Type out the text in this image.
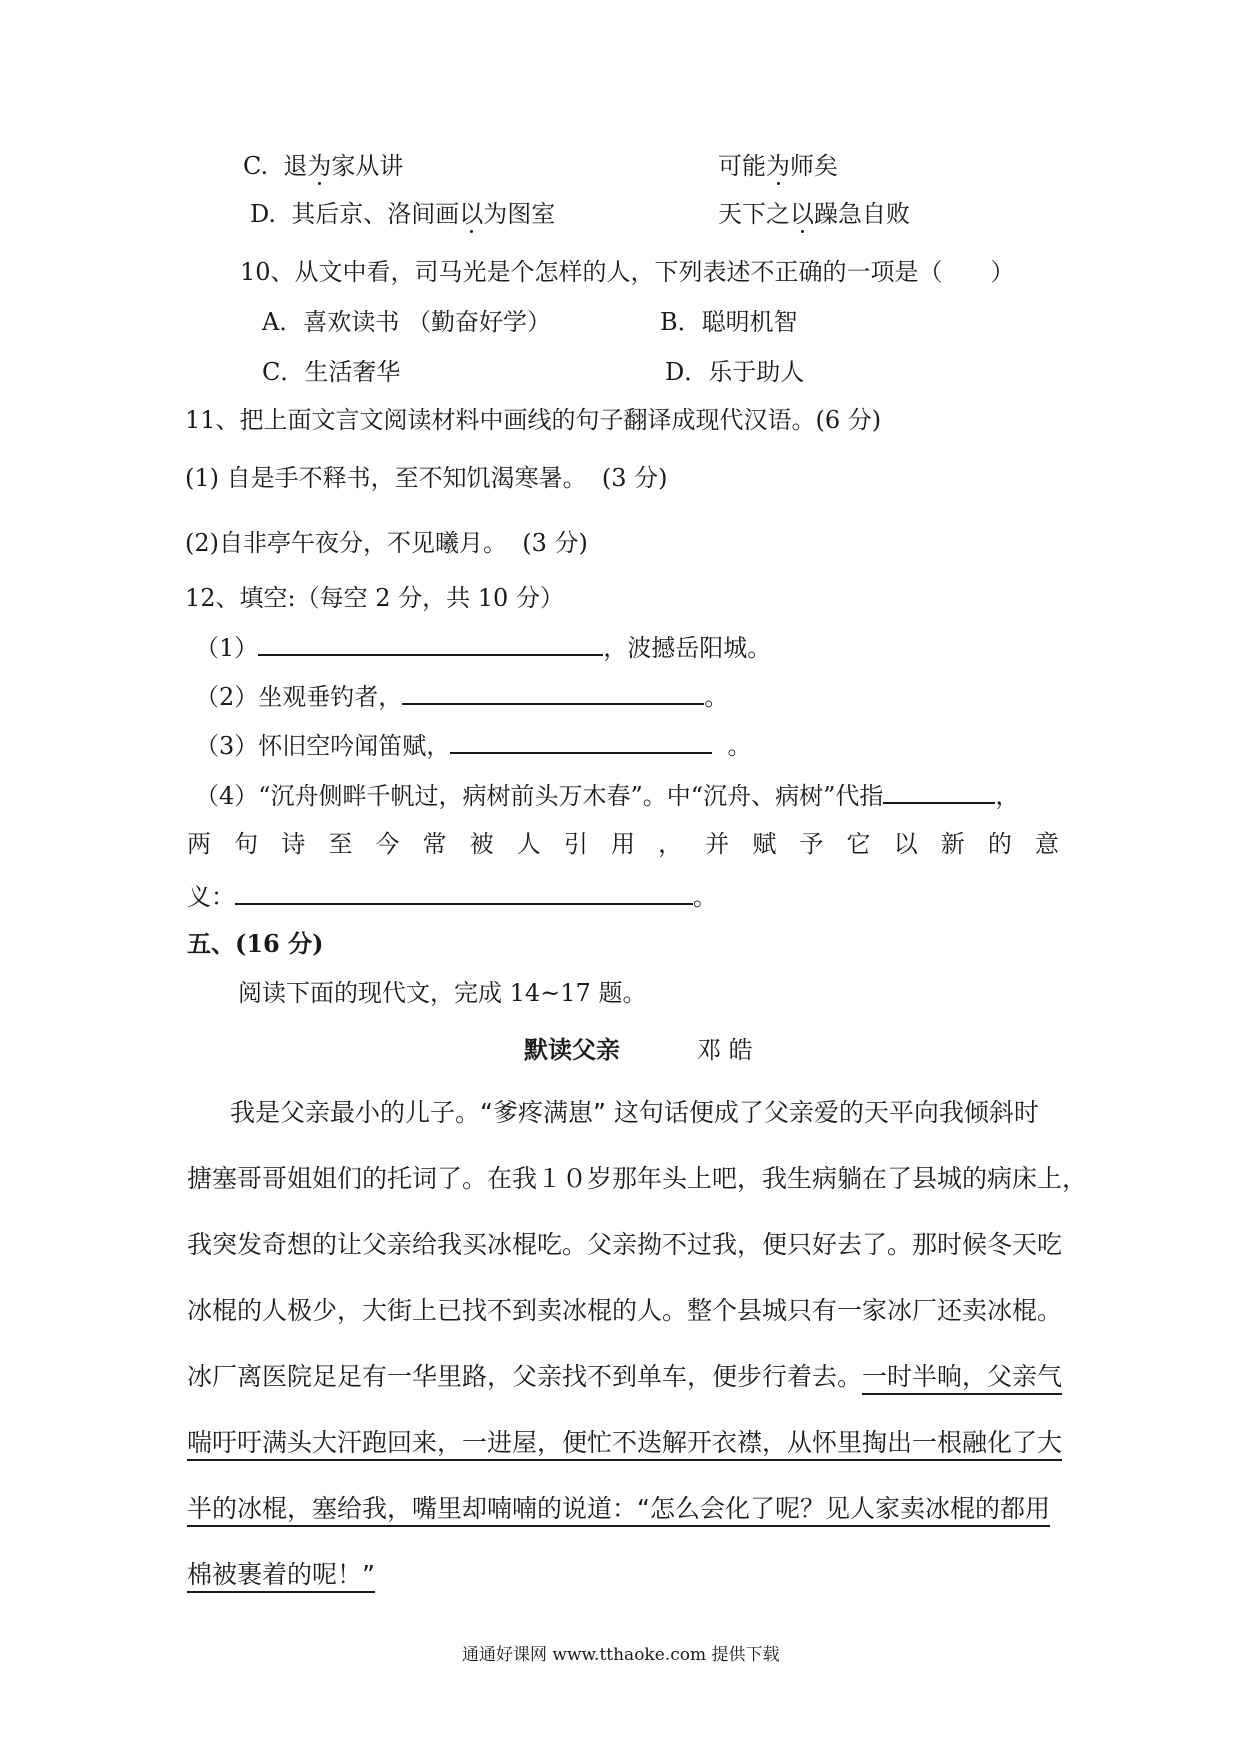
C. 退为家从讲	可能为师矣
D. 其后京、洛间画以为图室	天下之以躁急自败
10、从文中看，司马光是个怎样的人，下列表述不正确的一项是（　　）
A．喜欢读书 （勤奋好学）	B．聪明机智
C．生活奢华	D．乐于助人
11、把上面文言文阅读材料中画线的句子翻译成现代汉语。(6 分)
(1) 自是手不释书，至不知饥渴寒暑。 (3 分)
(2)自非亭午夜分，不见曦月。 (3 分)
12、填空:（每空 2 分，共 10 分）
（1）	，波撼岳阳城。
（2）坐观垂钓者，	。
（3）怀旧空吟闻笛赋，	。
（4）“沉舟侧畔千帆过，病树前头万木春”。中“沉舟、病树”代指	，
两 句 诗 至 今 常 被 人 引 用 ， 并 赋 予 它 以 新 的 意
义：	。
五、(16 分)
阅读下面的现代文，完成 14~17 题。
默读父亲	邓 皓
我是父亲最小的儿子。“爹疼满崽” 这句话便成了父亲爱的天平向我倾斜时
搪塞哥哥姐姐们的托词了。在我１０岁那年头上吧，我生病躺在了县城的病床上，
我突发奇想的让父亲给我买冰棍吃。父亲拗不过我，便只好去了。那时候冬天吃
冰棍的人极少，大街上已找不到卖冰棍的人。整个县城只有一家冰厂还卖冰棍。
冰厂离医院足足有一华里路，父亲找不到单车，便步行着去。一时半晌，父亲气
喘吁吁满头大汗跑回来，一进屋，便忙不迭解开衣襟，从怀里掏出一根融化了大
半的冰棍，塞给我，嘴里却喃喃的说道：“怎么会化了呢？见人家卖冰棍的都用
棉被裹着的呢！”
通通好课网 www.tthaoke.com 提供下载
